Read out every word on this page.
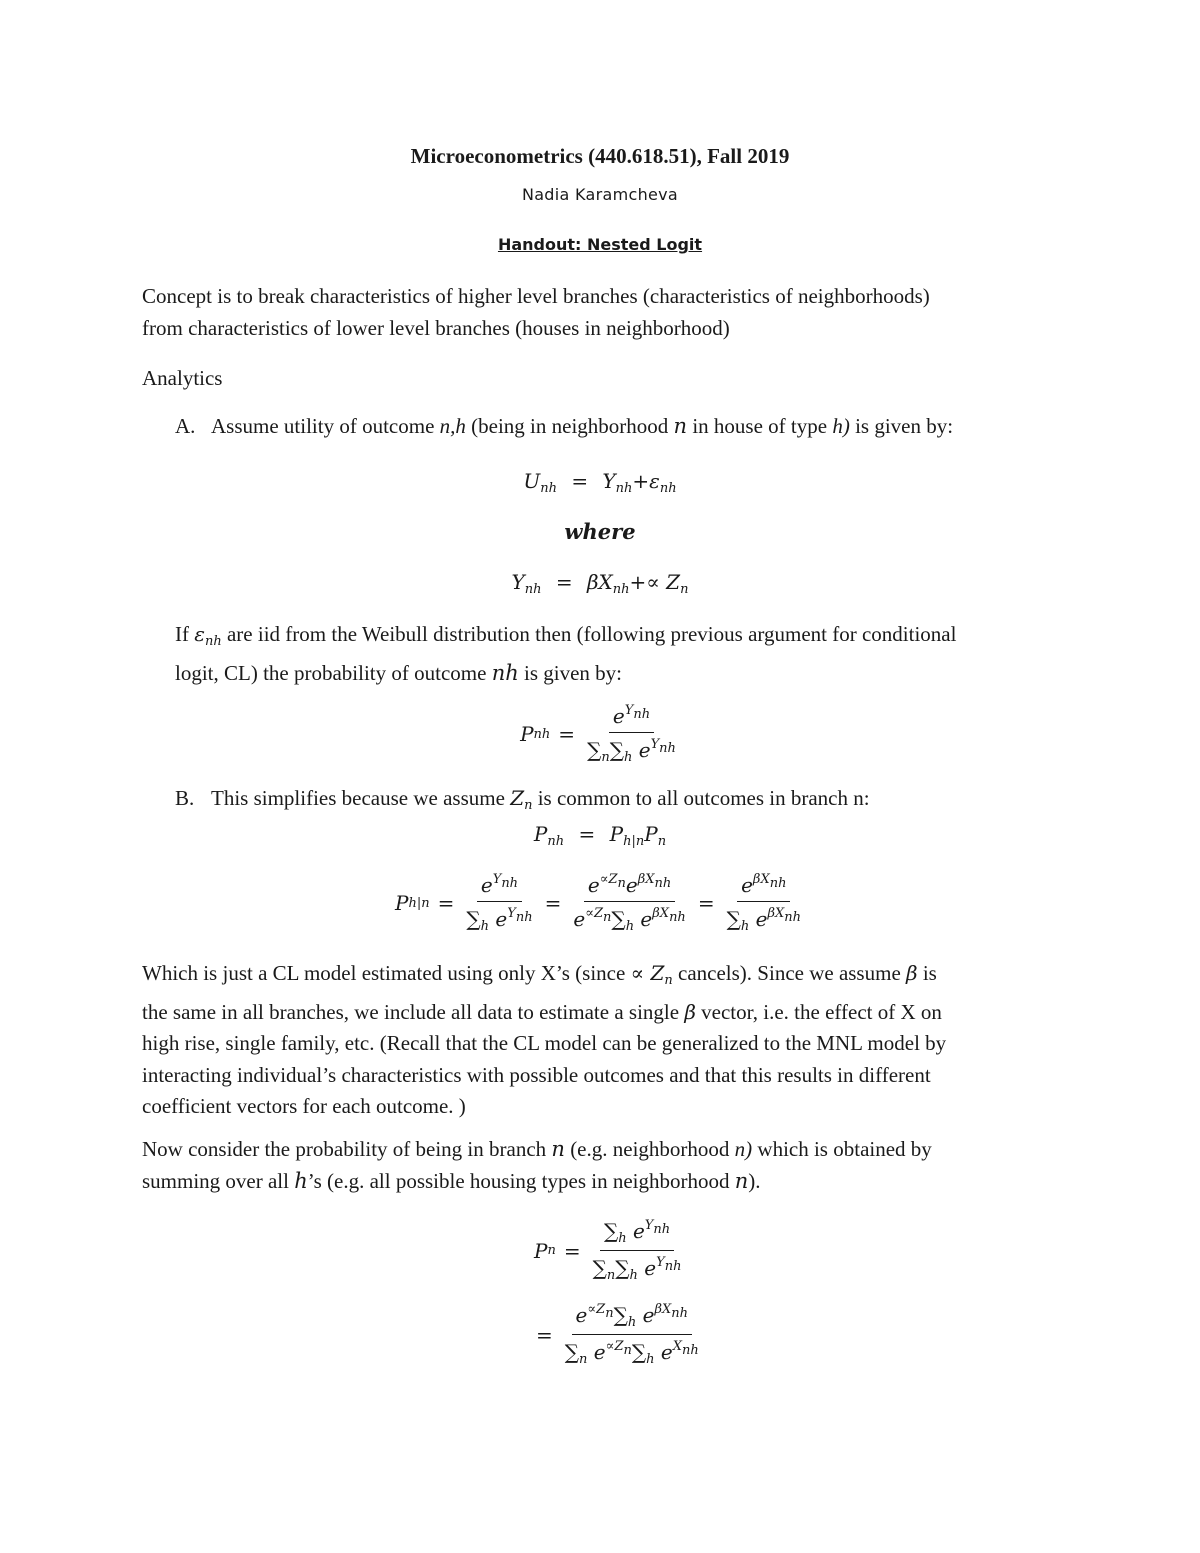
Microeconometrics (440.618.51), Fall 2019
Nadia Karamcheva
Handout: Nested Logit
Concept is to break characteristics of higher level branches (characteristics of neighborhoods)
from characteristics of lower level branches (houses in neighborhood)
Analytics
A. Assume utility of outcome n,h (being in neighborhood n in house of type h) is given by:
$U_{nh} = Y_{nh}+\varepsilon_{nh}$
where
$Y_{nh} = \beta X_{nh}+\propto Z_n$
If $\varepsilon_{nh}$ are iid from the Weibull distribution then (following previous argument for conditional
logit, CL) the probability of outcome nh is given by:
P nh = $\frac{e^{Y_{nh}}}{\sum_n\sum_h e^{Y_{nh}}}$
B. This simplifies because we assume $Z_n$ is common to all outcomes in branch n:
$P_{nh} = P_{h|n}P_n$
P $h|n = \frac{e^{Y_{nh}}}{\sum_h e^{Y_{nh}}} = \frac{e^{\propto Z_n}e^{\beta X_{nh}}}{e^{\propto Z_n}\sum_h e^{\beta X_{nh}}} = \frac{e^{\beta X_{nh}}}{\sum_h e^{\beta X_{nh}}}$
Which is just a CL model estimated using only X’s (since ∝ $Z_n$ cancels). Since we assume β is
the same in all branches, we include all data to estimate a single β vector, i.e. the effect of X on
high rise, single family, etc. (Recall that the CL model can be generalized to the MNL model by
interacting individual’s characteristics with possible outcomes and that this results in different
coefficient vectors for each outcome. )
Now consider the probability of being in branch n (e.g. neighborhood n) which is obtained by
summing over all h’s (e.g. all possible housing types in neighborhood n).
P $n = \frac{\sum_h e^{Y_{nh}}}{\sum_n\sum_h e^{Y_{nh}}}$
= $\frac{e^{\propto Z_n}\sum_h e^{\beta X_{nh}}}{\sum_n e^{\propto Z_n}\sum_h e^{X_{nh}}}$
